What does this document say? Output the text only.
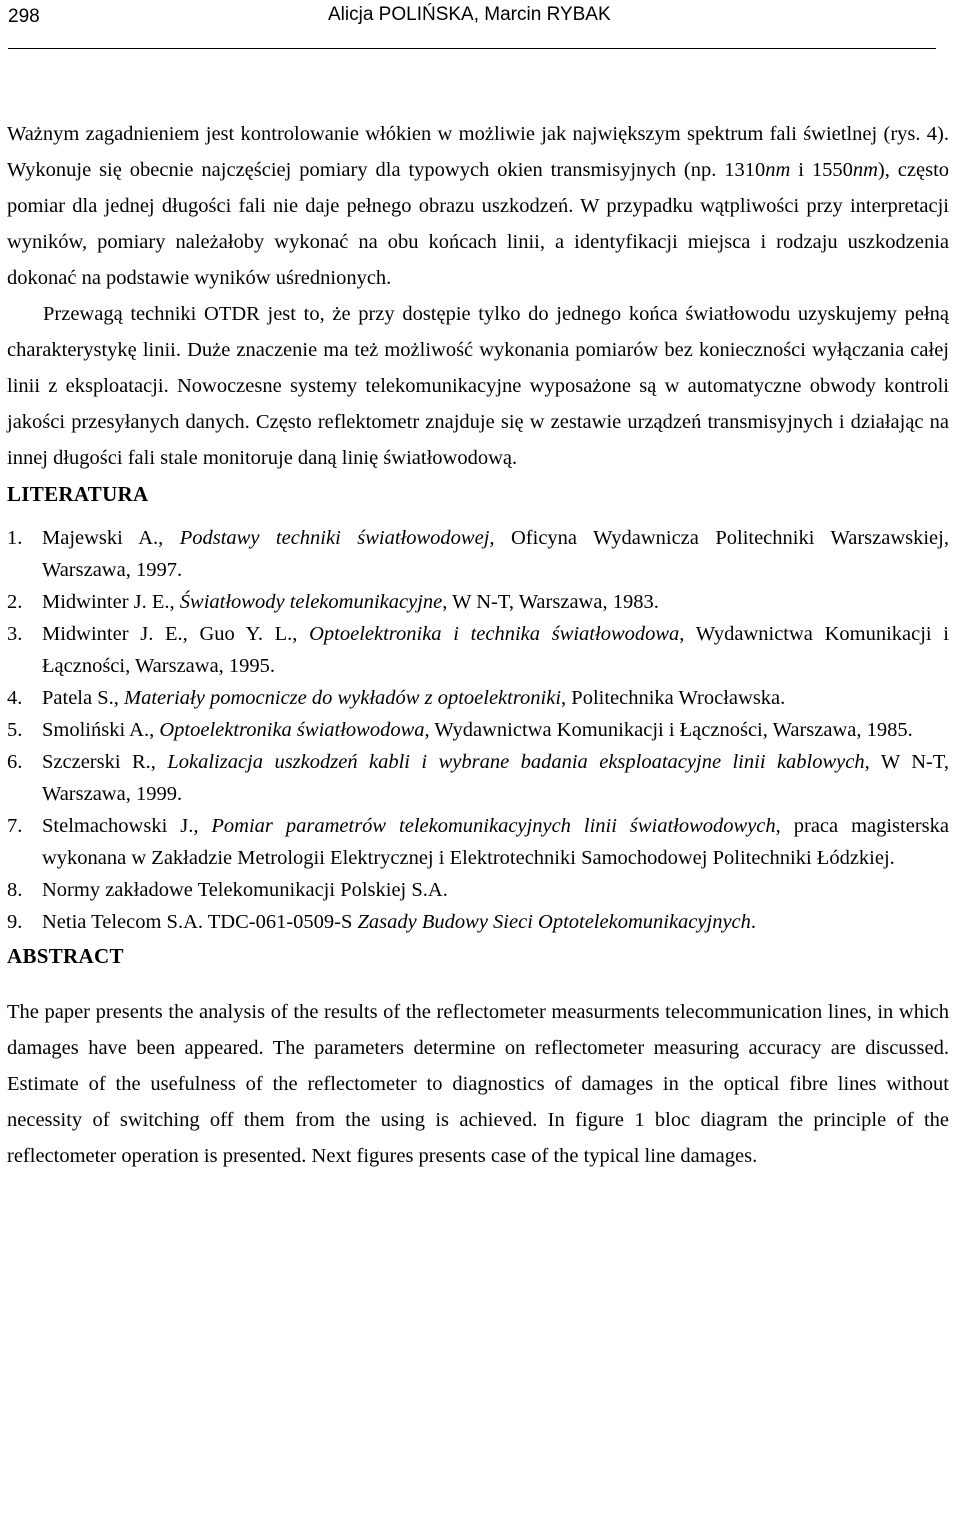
298	Alicja POLIŃSKA, Marcin RYBAK

Ważnym zagadnieniem jest kontrolowanie włókien w możliwie jak największym spektrum fali świetlnej (rys. 4). Wykonuje się obecnie najczęściej pomiary dla typowych okien transmisyjnych (np. 1310nm i 1550nm), często pomiar dla jednej długości fali nie daje pełnego obrazu uszkodzeń. W przypadku wątpliwości przy interpretacji wyników, pomiary należałoby wykonać na obu końcach linii, a identyfikacji miejsca i rodzaju uszkodzenia dokonać na podstawie wyników uśrednionych.

Przewagą techniki OTDR jest to, że przy dostępie tylko do jednego końca światłowodu uzyskujemy pełną charakterystykę linii. Duże znaczenie ma też możliwość wykonania pomiarów bez konieczności wyłączania całej linii z eksploatacji. Nowoczesne systemy telekomunikacyjne wyposażone są w automatyczne obwody kontroli jakości przesyłanych danych. Często reflektometr znajduje się w zestawie urządzeń transmisyjnych i działając na innej długości fali stale monitoruje daną linię światłowodową.

LITERATURA
1. Majewski A., Podstawy techniki światłowodowej, Oficyna Wydawnicza Politechniki Warszawskiej, Warszawa, 1997.
2. Midwinter J. E., Światłowody telekomunikacyjne, W N-T, Warszawa, 1983.
3. Midwinter J. E., Guo Y. L., Optoelektronika i technika światłowodowa, Wydawnictwa Komunikacji i Łączności, Warszawa, 1995.
4. Patela S., Materiały pomocnicze do wykładów z optoelektroniki, Politechnika Wrocławska.
5. Smoliński A., Optoelektronika światłowodowa, Wydawnictwa Komunikacji i Łączności, Warszawa, 1985.
6. Szczerski R., Lokalizacja uszkodzeń kabli i wybrane badania eksploatacyjne linii kablowych, W N-T, Warszawa, 1999.
7. Stelmachowski J., Pomiar parametrów telekomunikacyjnych linii światłowodowych, praca magisterska wykonana w Zakładzie Metrologii Elektrycznej i Elektrotechniki Samochodowej Politechniki Łódzkiej.
8. Normy zakładowe Telekomunikacji Polskiej S.A.
9. Netia Telecom S.A. TDC-061-0509-S Zasady Budowy Sieci Optotelekomunikacyjnych.
ABSTRACT

The paper presents the analysis of the results of the reflectometer measurments telecommunication lines, in which damages have been appeared. The parameters determine on reflectometer measuring accuracy are discussed. Estimate of the usefulness of the reflectometer to diagnostics of damages in the optical fibre lines without necessity of switching off them from the using is achieved. In figure 1 bloc diagram the principle of the reflectometer operation is presented. Next figures presents case of the typical line damages.
